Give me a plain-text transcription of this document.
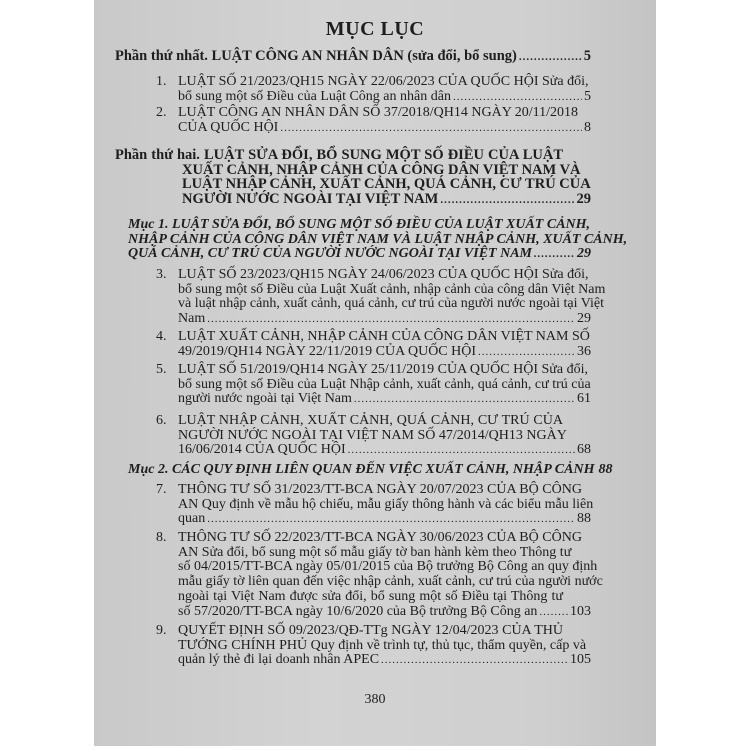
MỤC LỤC
Phần thứ nhất. LUẬT CÔNG AN NHÂN DÂN (sửa đổi, bổ sung) .....	5
1. LUẬT SỐ 21/2023/QH15 NGÀY 22/06/2023 CỦA QUỐC HỘI Sửa đổi,
bổ sung một số Điều của Luật Công an nhân dân .....	5
2. LUẬT CÔNG AN NHÂN DÂN SỐ 37/2018/QH14 NGÀY 20/11/2018
CỦA QUỐC HỘI .....	8
Phần thứ hai. LUẬT SỬA ĐỔI, BỔ SUNG MỘT SỐ ĐIỀU CỦA LUẬT
XUẤT CẢNH, NHẬP CẢNH CỦA CÔNG DÂN VIỆT NAM VÀ
LUẬT NHẬP CẢNH, XUẤT CẢNH, QUÁ CẢNH, CƯ TRÚ CỦA
NGƯỜI NƯỚC NGOÀI TẠI VIỆT NAM .....	29
Mục 1. LUẬT SỬA ĐỔI, BỔ SUNG MỘT SỐ ĐIỀU CỦA LUẬT XUẤT CẢNH,
NHẬP CẢNH CỦA CÔNG DÂN VIỆT NAM VÀ LUẬT NHẬP CẢNH, XUẤT CẢNH,
QUÁ CẢNH, CƯ TRÚ CỦA NGƯỜI NƯỚC NGOÀI TẠI VIỆT NAM .....	29
3. LUẬT SỐ 23/2023/QH15 NGÀY 24/06/2023 CỦA QUỐC HỘI Sửa đổi,
bổ sung một số Điều của Luật Xuất cảnh, nhập cảnh của công dân Việt Nam
và luật nhập cảnh, xuất cảnh, quá cảnh, cư trú của người nước ngoài tại Việt
Nam .....	29
4. LUẬT XUẤT CẢNH, NHẬP CẢNH CỦA CÔNG DÂN VIỆT NAM SỐ
49/2019/QH14 NGÀY 22/11/2019 CỦA QUỐC HỘI .....	36
5. LUẬT SỐ 51/2019/QH14 NGÀY 25/11/2019 CỦA QUỐC HỘI Sửa đổi,
bổ sung một số Điều của Luật Nhập cảnh, xuất cảnh, quá cảnh, cư trú của
người nước ngoài tại Việt Nam .....	61
6. LUẬT NHẬP CẢNH, XUẤT CẢNH, QUÁ CẢNH, CƯ TRÚ CỦA
NGƯỜI NƯỚC NGOÀI TẠI VIỆT NAM SỐ 47/2014/QH13 NGÀY
16/06/2014 CỦA QUỐC HỘI .....	68
Mục 2. CÁC QUY ĐỊNH LIÊN QUAN ĐẾN VIỆC XUẤT CẢNH, NHẬP CẢNH 88
7. THÔNG TƯ SỐ 31/2023/TT-BCA NGÀY 20/07/2023 CỦA BỘ CÔNG
AN Quy định về mẫu hộ chiếu, mẫu giấy thông hành và các biểu mẫu liên
quan .....	88
8. THÔNG TƯ SỐ 22/2023/TT-BCA NGÀY 30/06/2023 CỦA BỘ CÔNG
AN Sửa đổi, bổ sung một số mẫu giấy tờ ban hành kèm theo Thông tư
số 04/2015/TT-BCA ngày 05/01/2015 của Bộ trưởng Bộ Công an quy định
mẫu giấy tờ liên quan đến việc nhập cảnh, xuất cảnh, cư trú của người nước
ngoài tại Việt Nam được sửa đổi, bổ sung một số Điều tại Thông tư
số 57/2020/TT-BCA ngày 10/6/2020 của Bộ trưởng Bộ Công an ..... 103
9. QUYẾT ĐỊNH SỐ 09/2023/QĐ-TTg NGÀY 12/04/2023 CỦA THỦ
TƯỚNG CHÍNH PHỦ Quy định về trình tự, thủ tục, thẩm quyền, cấp và
quản lý thẻ đi lại doanh nhân APEC .....	105
380
